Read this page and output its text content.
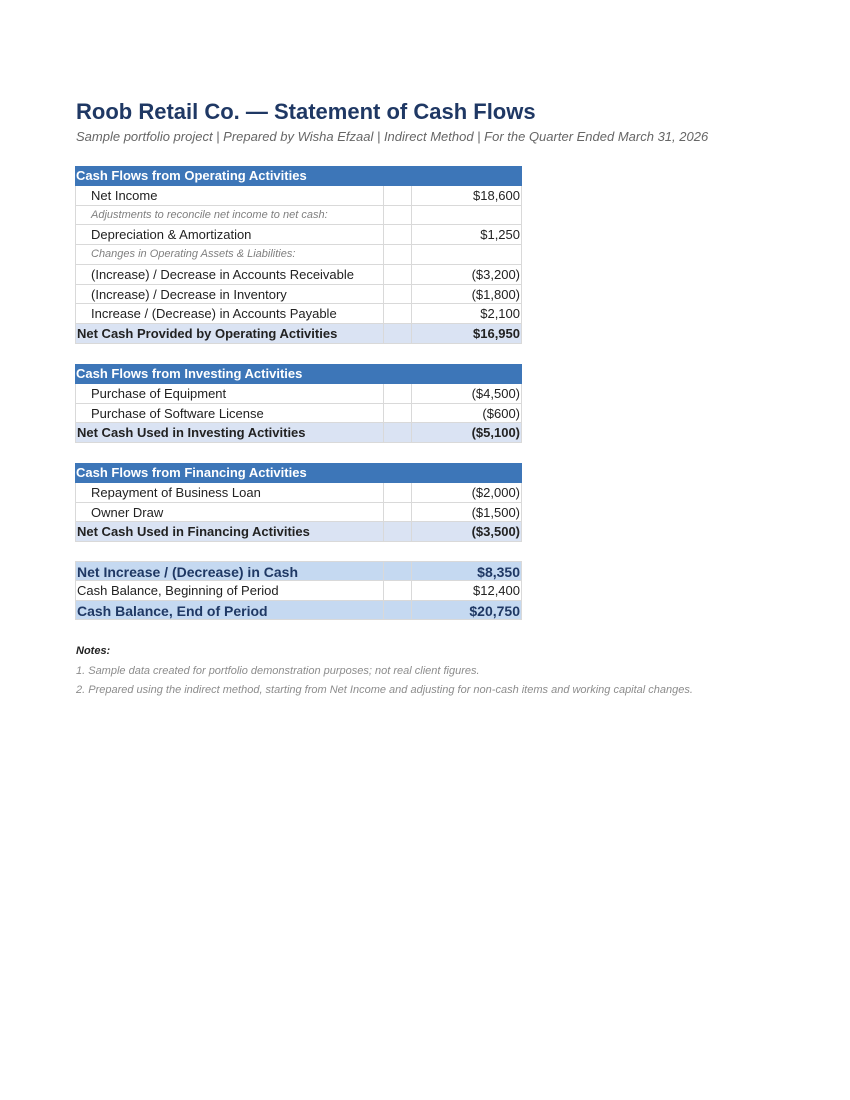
Roob Retail Co. — Statement of Cash Flows
Sample portfolio project | Prepared by Wisha Efzaal | Indirect Method | For the Quarter Ended March 31, 2026
Cash Flows from Operating Activities
Net Income	$18,600
Adjustments to reconcile net income to net cash:
Depreciation & Amortization	$1,250
Changes in Operating Assets & Liabilities:
(Increase) / Decrease in Accounts Receivable	($3,200)
(Increase) / Decrease in Inventory	($1,800)
Increase / (Decrease) in Accounts Payable	$2,100
Net Cash Provided by Operating Activities	$16,950
Cash Flows from Investing Activities
Purchase of Equipment	($4,500)
Purchase of Software License	($600)
Net Cash Used in Investing Activities	($5,100)
Cash Flows from Financing Activities
Repayment of Business Loan	($2,000)
Owner Draw	($1,500)
Net Cash Used in Financing Activities	($3,500)
Net Increase / (Decrease) in Cash	$8,350
Cash Balance, Beginning of Period	$12,400
Cash Balance, End of Period	$20,750
Notes:
1. Sample data created for portfolio demonstration purposes; not real client figures.
2. Prepared using the indirect method, starting from Net Income and adjusting for non-cash items and working capital changes.
